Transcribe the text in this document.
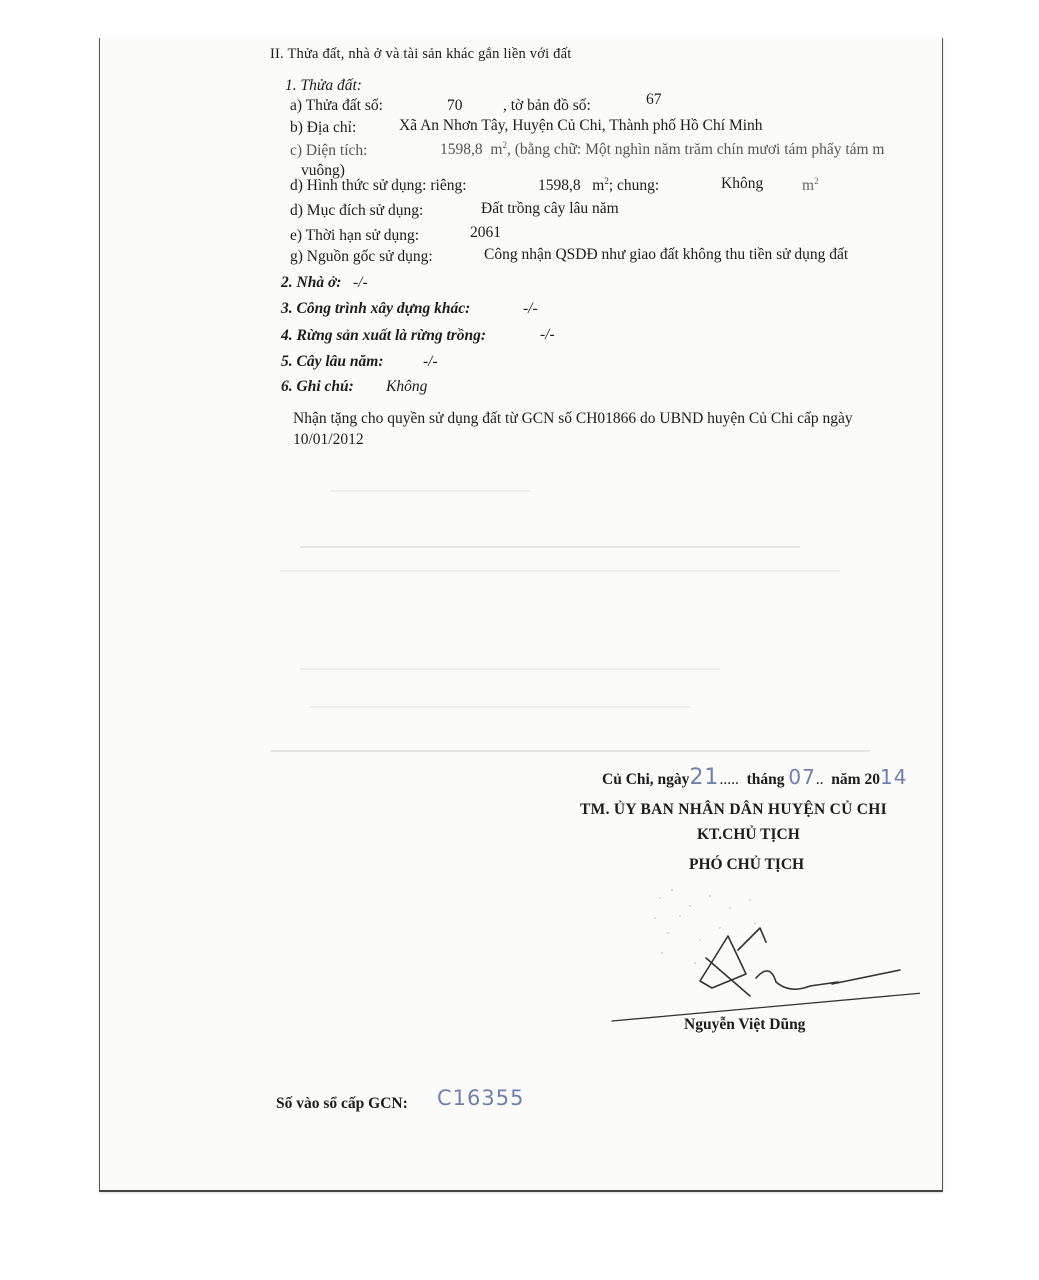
II. Thửa đất, nhà ở và tài sản khác gắn liền với đất
1. Thửa đất:
a) Thửa đất số:	70	, tờ bản đồ số:	67
b) Địa chỉ:	Xã An Nhơn Tây, Huyện Củ Chi, Thành phố Hồ Chí Minh
c) Diện tích:	1598,8 $m^2$, (bằng chữ: Một nghìn năm trăm chín mươi tám phẩy tám m
vuông)
d) Hình thức sử dụng: riêng:	1598,8 $m^2$; chung:	Không	$m^2$
d) Mục đích sử dụng:	Đất trồng cây lâu năm
e) Thời hạn sử dụng:	2061
g) Nguồn gốc sử dụng:	Công nhận QSDĐ như giao đất không thu tiền sử dụng đất
2. Nhà ở: -/-
3. Công trình xây dựng khác:	-/-
4. Rừng sản xuất là rừng trồng:	-/-
5. Cây lâu năm:	-/-
6. Ghi chú: Không
Nhận tặng cho quyền sử dụng đất từ GCN số CH01866 do UBND huyện Củ Chi cấp ngày
10/01/2012
Củ Chi, ngày21..... tháng 07.. năm 2014
TM. ỦY BAN NHÂN DÂN HUYỆN CỦ CHI
KT.CHỦ TỊCH
PHÓ CHỦ TỊCH
Nguyễn Việt Dũng
Số vào sổ cấp GCN: C16355
